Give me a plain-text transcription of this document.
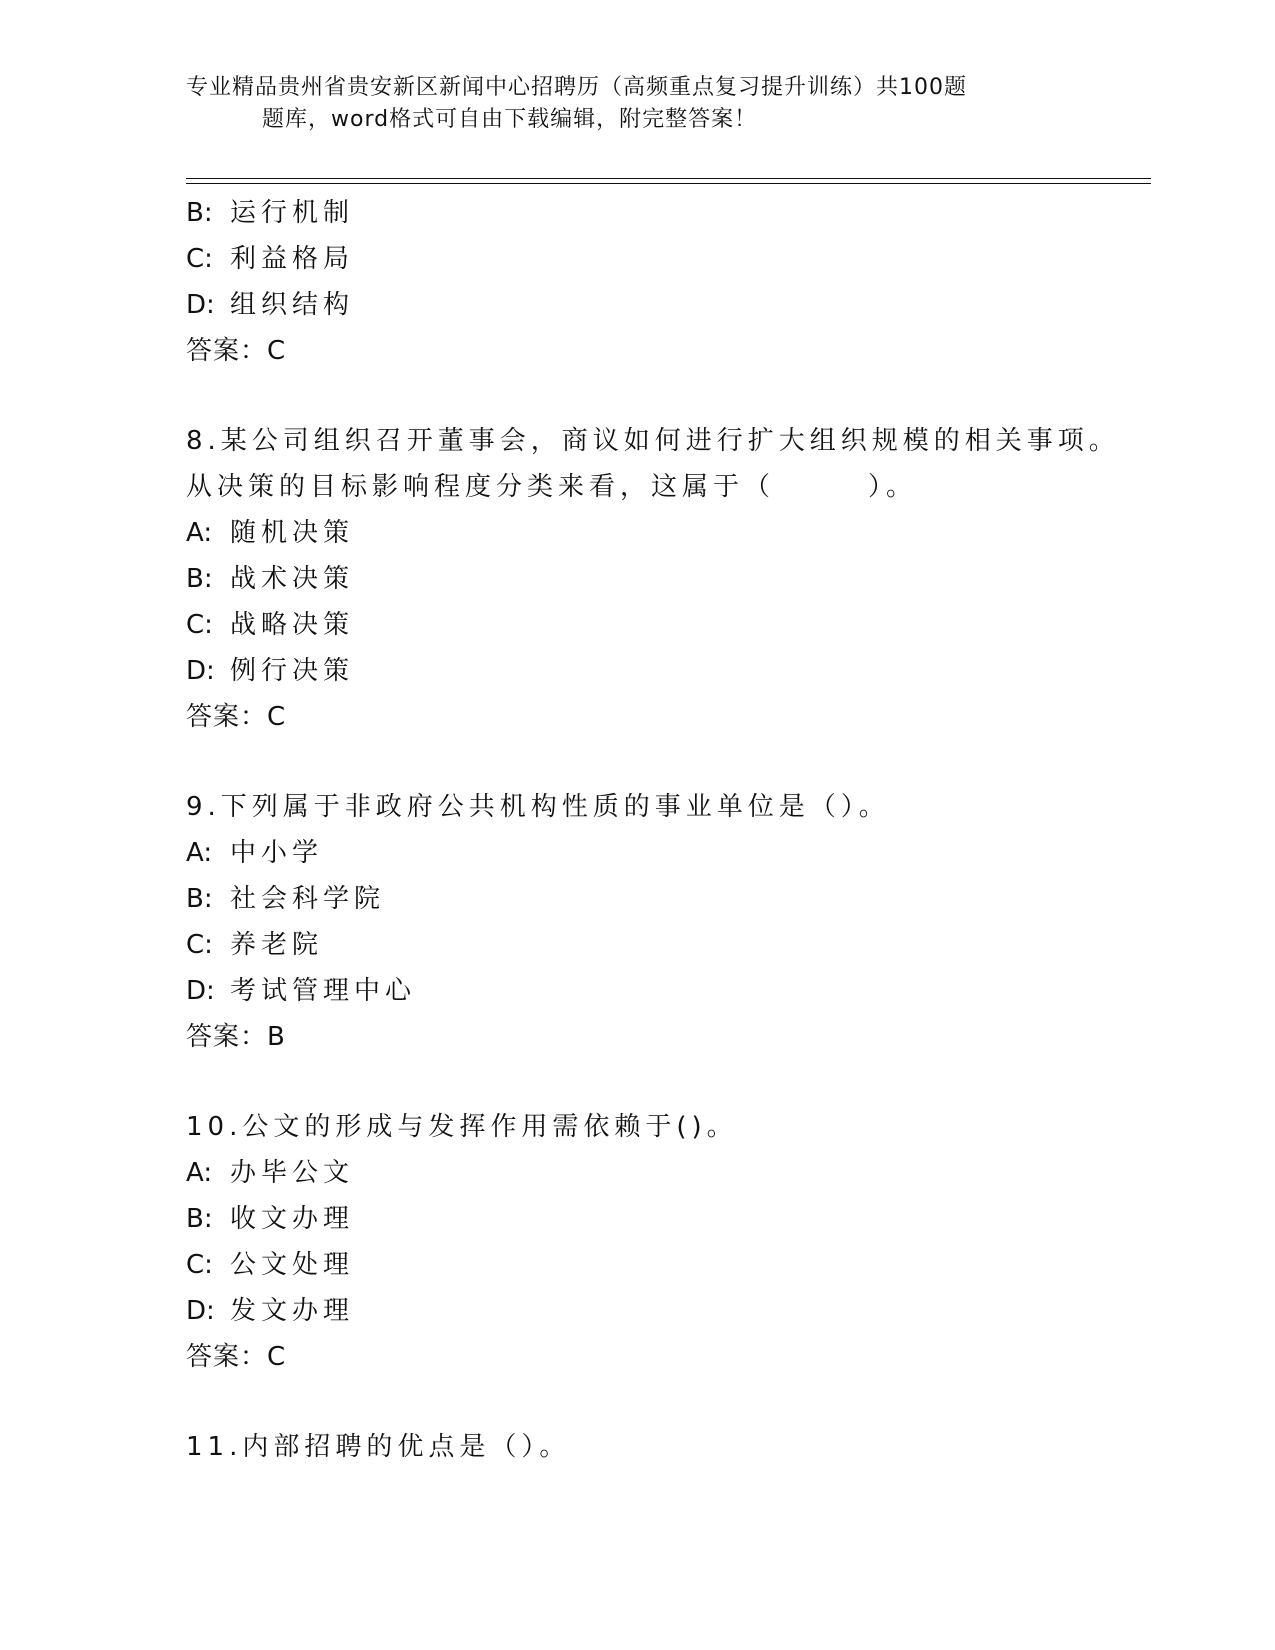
专业精品贵州省贵安新区新闻中心招聘历（高频重点复习提升训练）共100题
题库，word格式可自由下载编辑，附完整答案！
B: 运行机制
C: 利益格局
D: 组织结构
答案：C
8.某公司组织召开董事会，商议如何进行扩大组织规模的相关事项。
从决策的目标影响程度分类来看，这属于（　　　）。
A: 随机决策
B: 战术决策
C: 战略决策
D: 例行决策
答案：C
9.下列属于非政府公共机构性质的事业单位是（）。
A: 中小学
B: 社会科学院
C: 养老院
D: 考试管理中心
答案：B
10.公文的形成与发挥作用需依赖于()。
A: 办毕公文
B: 收文办理
C: 公文处理
D: 发文办理
答案：C
11.内部招聘的优点是（）。
